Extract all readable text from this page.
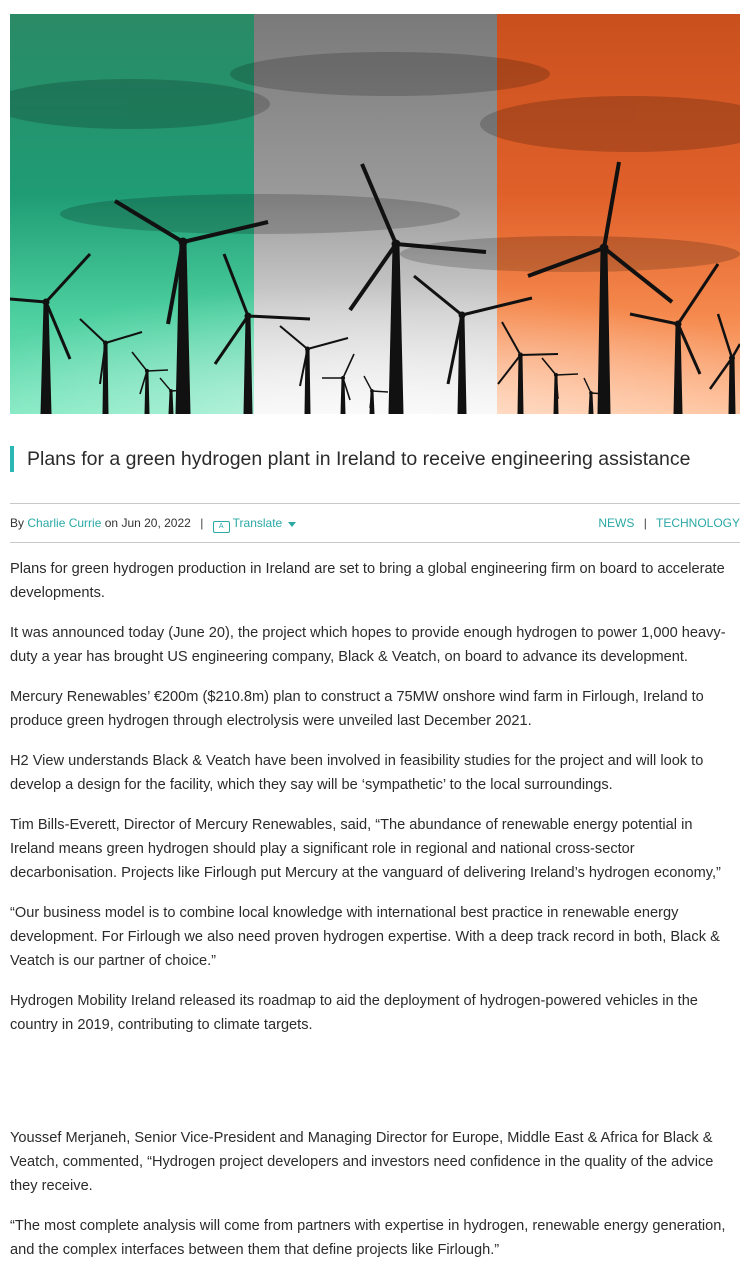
Plans for a green hydrogen plant in Ireland to receive engineering assistance
By Charlie Currie on Jun 20, 2022 | A Translate	NEWS | TECHNOLOGY

Plans for green hydrogen production in Ireland are set to bring a global engineering firm on board to accelerate developments.

It was announced today (June 20), the project which hopes to provide enough hydrogen to power 1,000 heavy-duty a year has brought US engineering company, Black & Veatch, on board to advance its development.

Mercury Renewables’ €200m ($210.8m) plan to construct a 75MW onshore wind farm in Firlough, Ireland to produce green hydrogen through electrolysis were unveiled last December 2021.

H2 View understands Black & Veatch have been involved in feasibility studies for the project and will look to develop a design for the facility, which they say will be ‘sympathetic’ to the local surroundings.

Tim Bills-Everett, Director of Mercury Renewables, said, “The abundance of renewable energy potential in Ireland means green hydrogen should play a significant role in regional and national cross-sector decarbonisation. Projects like Firlough put Mercury at the vanguard of delivering Ireland’s hydrogen economy,”

“Our business model is to combine local knowledge with international best practice in renewable energy development. For Firlough we also need proven hydrogen expertise. With a deep track record in both, Black & Veatch is our partner of choice.”

Hydrogen Mobility Ireland released its roadmap to aid the deployment of hydrogen-powered vehicles in the country in 2019, contributing to climate targets.

Youssef Merjaneh, Senior Vice-President and Managing Director for Europe, Middle East & Africa for Black & Veatch, commented, “Hydrogen project developers and investors need confidence in the quality of the advice they receive.

“The most complete analysis will come from partners with expertise in hydrogen, renewable energy generation, and the complex interfaces between them that define projects like Firlough.”
